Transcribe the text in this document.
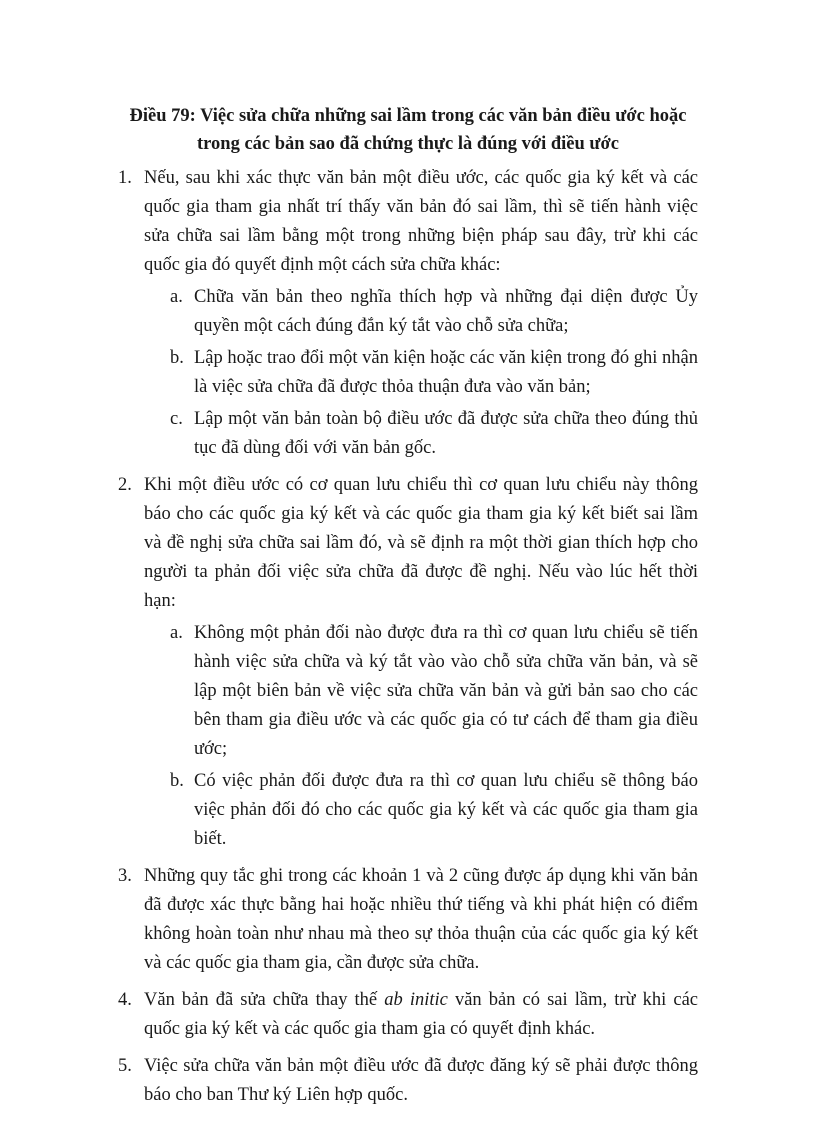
Điều 79: Việc sửa chữa những sai lầm trong các văn bản điều ước hoặc
trong các bản sao đã chứng thực là đúng với điều ước
1. Nếu, sau khi xác thực văn bản một điều ước, các quốc gia ký kết và các quốc gia tham gia nhất trí thấy văn bản đó sai lầm, thì sẽ tiến hành việc sửa chữa sai lầm bằng một trong những biện pháp sau đây, trừ khi các quốc gia đó quyết định một cách sửa chữa khác:
a. Chữa văn bản theo nghĩa thích hợp và những đại diện được Ủy quyền một cách đúng đắn ký tắt vào chỗ sửa chữa;
b. Lập hoặc trao đổi một văn kiện hoặc các văn kiện trong đó ghi nhận là việc sửa chữa đã được thỏa thuận đưa vào văn bản;
c. Lập một văn bản toàn bộ điều ước đã được sửa chữa theo đúng thủ tục đã dùng đối với văn bản gốc.
2. Khi một điều ước có cơ quan lưu chiểu thì cơ quan lưu chiểu này thông báo cho các quốc gia ký kết và các quốc gia tham gia ký kết biết sai lầm và đề nghị sửa chữa sai lầm đó, và sẽ định ra một thời gian thích hợp cho người ta phản đối việc sửa chữa đã được đề nghị. Nếu vào lúc hết thời hạn:
a. Không một phản đối nào được đưa ra thì cơ quan lưu chiểu sẽ tiến hành việc sửa chữa và ký tắt vào vào chỗ sửa chữa văn bản, và sẽ lập một biên bản về việc sửa chữa văn bản và gửi bản sao cho các bên tham gia điều ước và các quốc gia có tư cách để tham gia điều ước;
b. Có việc phản đối được đưa ra thì cơ quan lưu chiểu sẽ thông báo việc phản đối đó cho các quốc gia ký kết và các quốc gia tham gia biết.
3. Những quy tắc ghi trong các khoản 1 và 2 cũng được áp dụng khi văn bản đã được xác thực bằng hai hoặc nhiều thứ tiếng và khi phát hiện có điểm không hoàn toàn như nhau mà theo sự thỏa thuận của các quốc gia ký kết và các quốc gia tham gia, cần được sửa chữa.
4. Văn bản đã sửa chữa thay thế ab initic văn bản có sai lầm, trừ khi các quốc gia ký kết và các quốc gia tham gia có quyết định khác.
5. Việc sửa chữa văn bản một điều ước đã được đăng ký sẽ phải được thông báo cho ban Thư ký Liên hợp quốc.
